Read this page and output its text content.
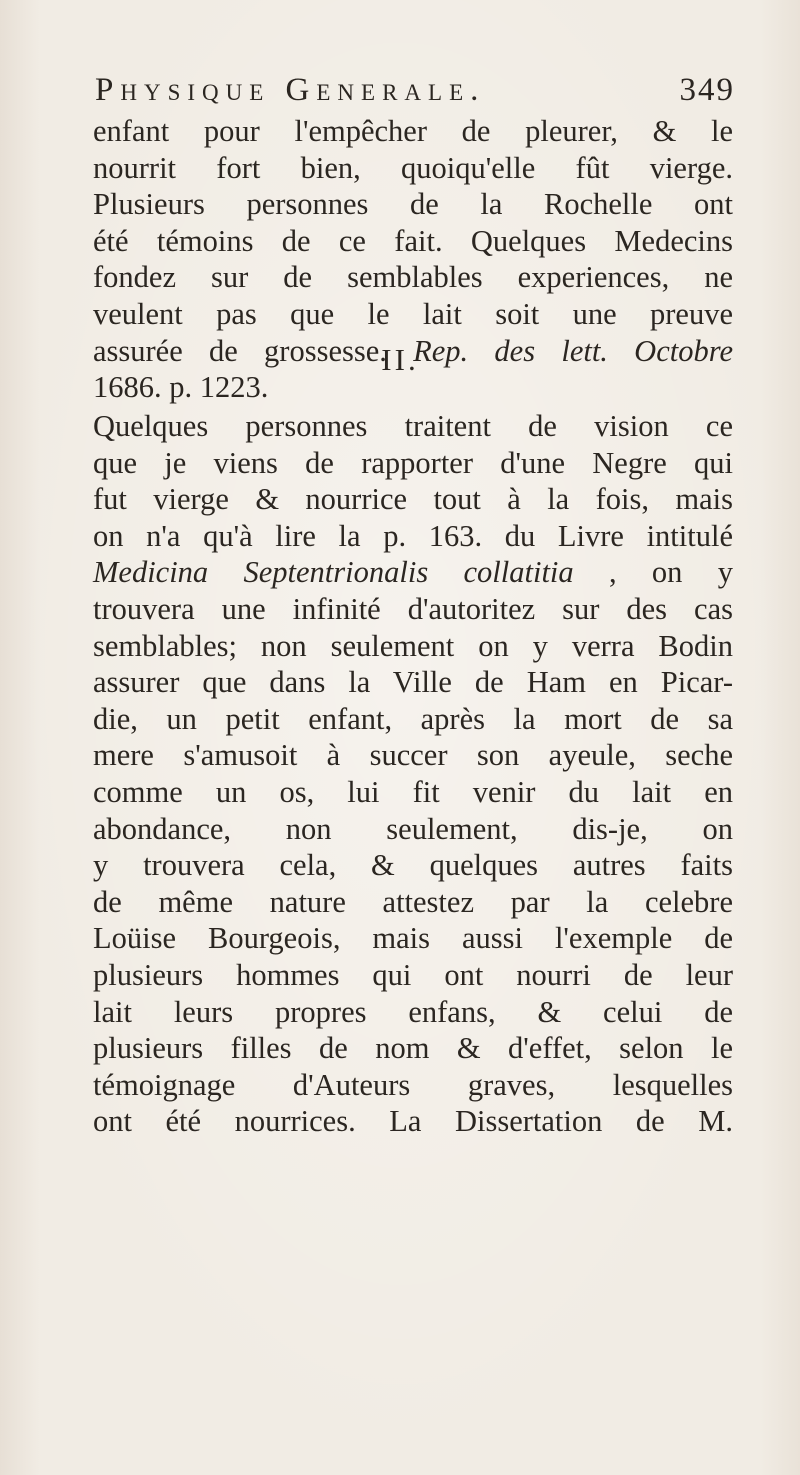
Physique Generale.	349
enfant pour l'empêcher de pleurer, & le
nourrit fort bien, quoiqu'elle fût vierge.
Plusieurs personnes de la Rochelle ont
été témoins de ce fait. Quelques Medecins
fondez sur de semblables experiences, ne
veulent pas que le lait soit une preuve
assurée de grossesse. Rep. des lett. Octobre
1686. p. 1223.
II.
Quelques personnes traitent de vision ce
que je viens de rapporter d'une Negre qui
fut vierge & nourrice tout à la fois, mais
on n'a qu'à lire la p. 163. du Livre intitulé
Medicina Septentrionalis collatitia , on y
trouvera une infinité d'autoritez sur des cas
semblables; non seulement on y verra Bodin
assurer que dans la Ville de Ham en Picar-
die, un petit enfant, après la mort de sa
mere s'amusoit à succer son ayeule, seche
comme un os, lui fit venir du lait en
abondance, non seulement, dis-je, on
y trouvera cela, & quelques autres faits
de même nature attestez par la celebre
Loüise Bourgeois, mais aussi l'exemple de
plusieurs hommes qui ont nourri de leur
lait leurs propres enfans, & celui de
plusieurs filles de nom & d'effet, selon le
témoignage d'Auteurs graves, lesquelles
ont été nourrices. La Dissertation de M.
